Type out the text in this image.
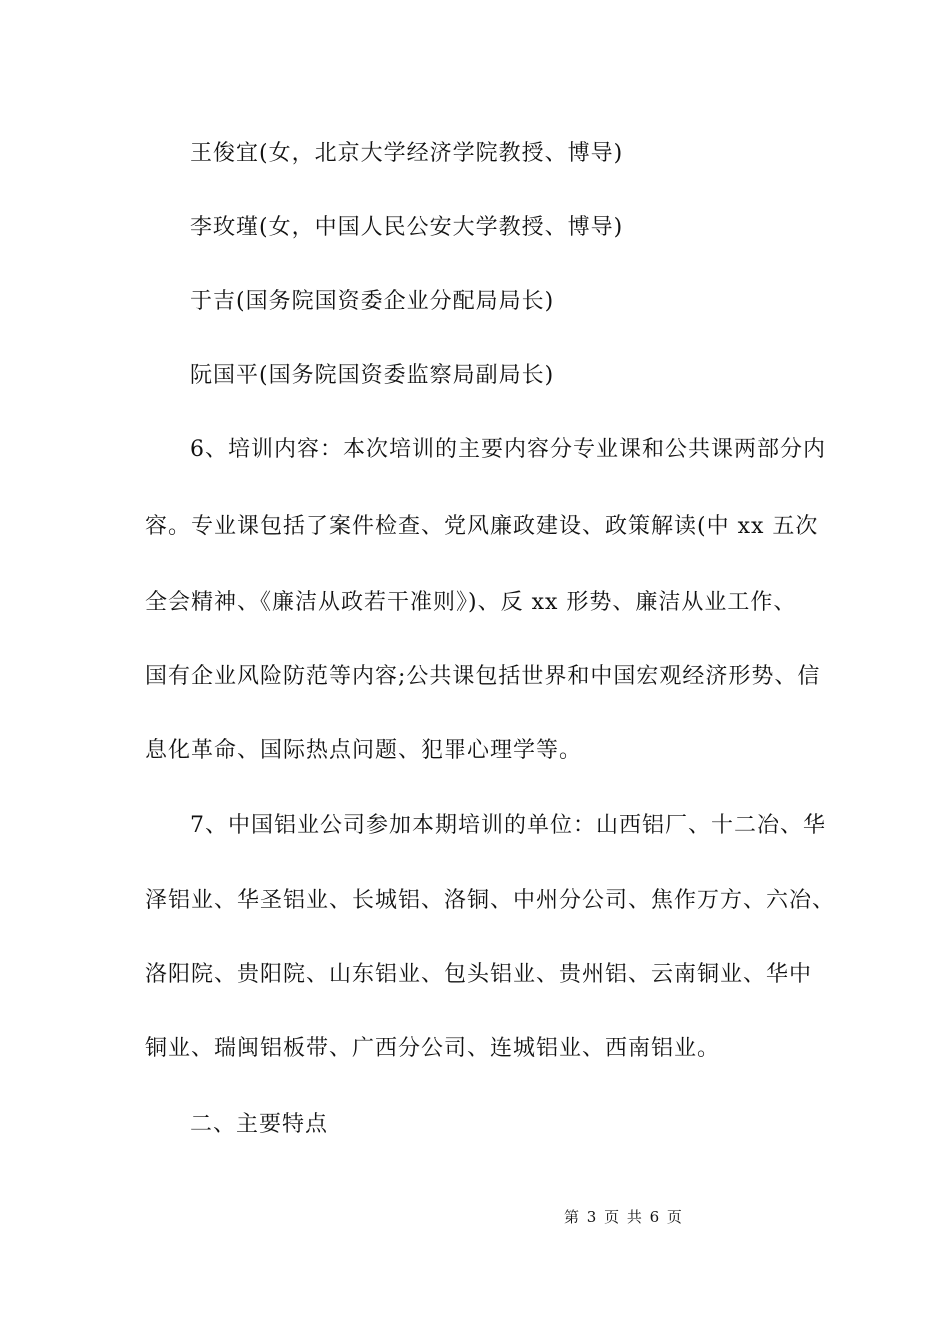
王俊宜(女，北京大学经济学院教授、博导)
李玫瑾(女，中国人民公安大学教授、博导)
于吉(国务院国资委企业分配局局长)
阮国平(国务院国资委监察局副局长)
6、培训内容：本次培训的主要内容分专业课和公共课两部分内
容。专业课包括了案件检查、党风廉政建设、政策解读(中 xx 五次
全会精神、《廉洁从政若干准则》)、反 xx 形势、廉洁从业工作、
国有企业风险防范等内容;公共课包括世界和中国宏观经济形势、信
息化革命、国际热点问题、犯罪心理学等。
7、中国铝业公司参加本期培训的单位：山西铝厂、十二冶、华
泽铝业、华圣铝业、长城铝、洛铜、中州分公司、焦作万方、六冶、
洛阳院、贵阳院、山东铝业、包头铝业、贵州铝、云南铜业、华中
铜业、瑞闽铝板带、广西分公司、连城铝业、西南铝业。
二、主要特点
第 3 页 共 6 页
